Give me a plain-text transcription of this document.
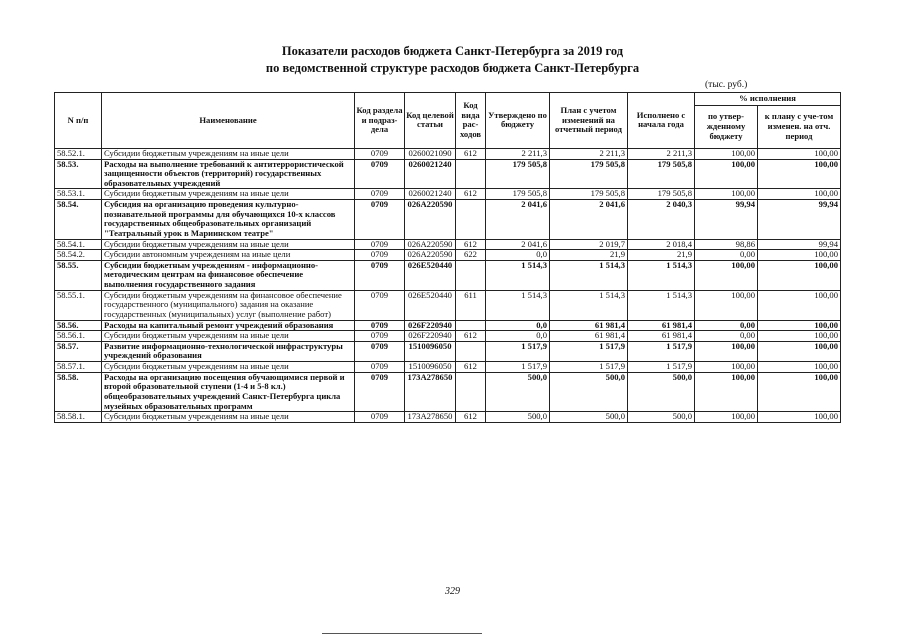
Показатели расходов бюджета Санкт-Петербурга за 2019 год
по ведомственной структуре расходов бюджета Санкт-Петербурга
(тыс. руб.)
N п/п	Наименование	Код раздела и подраз-дела	Код целевой статьи	Код вида рас-ходов	Утверждено по бюджету	План с учетом изменений на отчетный период	Исполнено с начала года	% исполнения	
								по утвер-жденному бюджету	к плану с уче-том изменен. на отч. период
58.52.1.	Субсидии бюджетным учреждениям на иные цели	0709	0260021090	612	2 211,3	2 211,3	2 211,3	100,00	100,00
58.53.	Расходы на выполнение требований к антитеррористической защищенности объектов (территорий) государственных образовательных учреждений	0709	0260021240		179 505,8	179 505,8	179 505,8	100,00	100,00
58.53.1.	Субсидии бюджетным учреждениям на иные цели	0709	0260021240	612	179 505,8	179 505,8	179 505,8	100,00	100,00
58.54.	Субсидия на организацию проведения культурно-познавательной программы для обучающихся 10-х классов государственных общеобразовательных организаций "Театральный урок в Мариинском театре"	0709	026А220590		2 041,6	2 041,6	2 040,3	99,94	99,94
58.54.1.	Субсидии бюджетным учреждениям на иные цели	0709	026А220590	612	2 041,6	2 019,7	2 018,4	98,86	99,94
58.54.2.	Субсидии автономным учреждениям на иные цели	0709	026А220590	622	0,0	21,9	21,9	0,00	100,00
58.55.	Субсидии бюджетным учреждениям - информационно-методическим центрам на финансовое обеспечение выполнения государственного задания	0709	026Е520440		1 514,3	1 514,3	1 514,3	100,00	100,00
58.55.1.	Субсидии бюджетным учреждениям на финансовое обеспечение государственного (муниципального) задания на оказание государственных (муниципальных) услуг (выполнение работ)	0709	026Е520440	611	1 514,3	1 514,3	1 514,3	100,00	100,00
58.56.	Расходы на капитальный ремонт учреждений образования	0709	026F220940		0,0	61 981,4	61 981,4	0,00	100,00
58.56.1.	Субсидии бюджетным учреждениям на иные цели	0709	026F220940	612	0,0	61 981,4	61 981,4	0,00	100,00
58.57.	Развитие информационно-технологической инфраструктуры учреждений образования	0709	1510096050		1 517,9	1 517,9	1 517,9	100,00	100,00
58.57.1.	Субсидии бюджетным учреждениям на иные цели	0709	1510096050	612	1 517,9	1 517,9	1 517,9	100,00	100,00
58.58.	Расходы на организацию посещения обучающимися первой и второй образовательной ступени (1-4 и 5-8 кл.) общеобразовательных учреждений Санкт-Петербурга цикла музейных образовательных программ	0709	173А278650		500,0	500,0	500,0	100,00	100,00
58.58.1.	Субсидии бюджетным учреждениям на иные цели	0709	173А278650	612	500,0	500,0	500,0	100,00	100,00
329
